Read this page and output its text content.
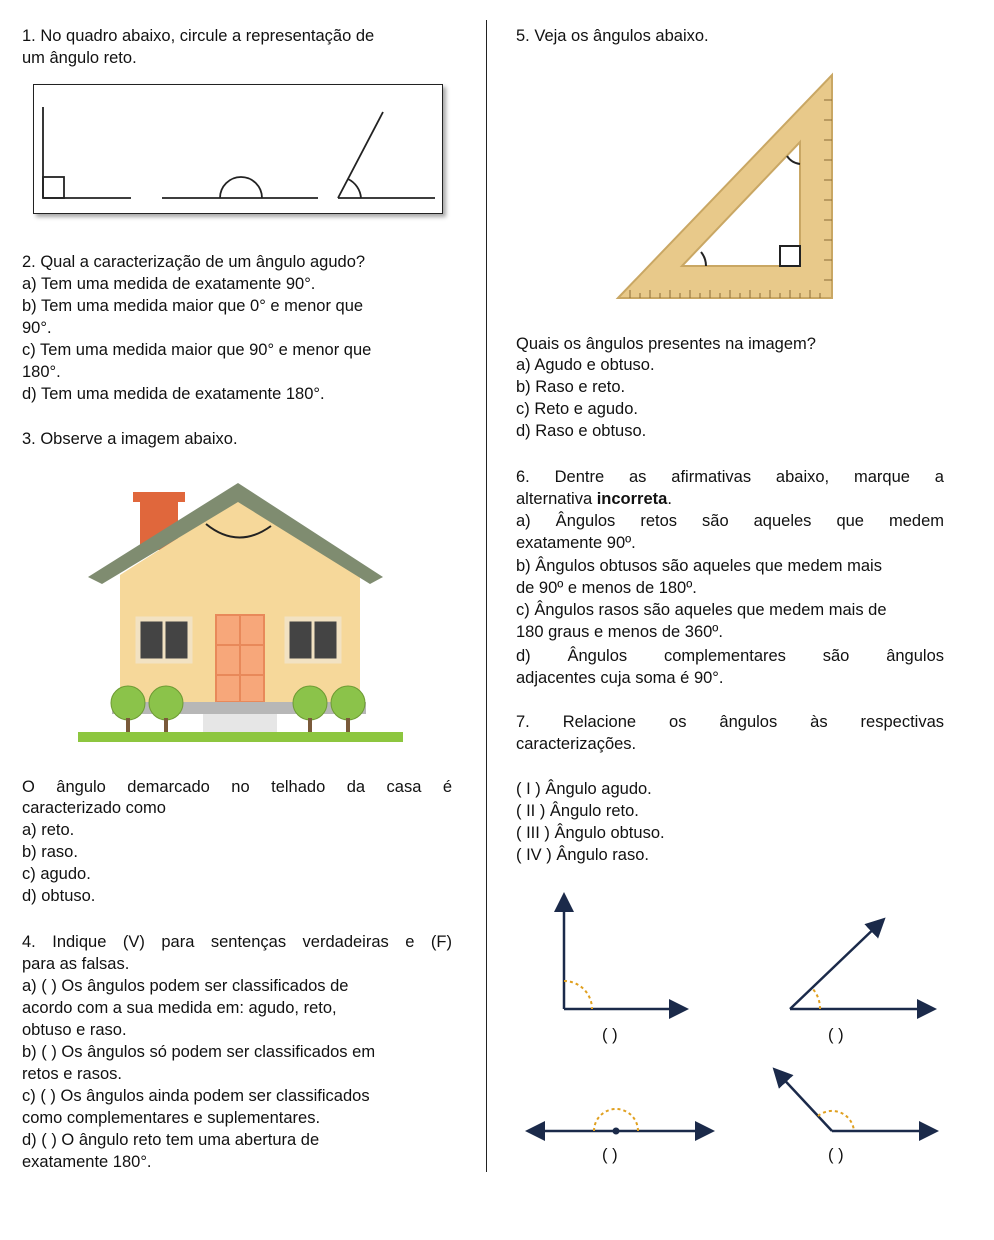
1. No quadro abaixo, circule a representação de
um ângulo reto.
2. Qual a caracterização de um ângulo agudo?
a) Tem uma medida de exatamente 90°.
b) Tem uma medida maior que 0° e menor que
90°.
c) Tem uma medida maior que 90° e menor que
180°.
d) Tem uma medida de exatamente 180°.
3. Observe a imagem abaixo.
O ângulo demarcado no telhado da casa é
caracterizado como
a) reto.
b) raso.
c) agudo.
d) obtuso.
4. Indique (V) para sentenças verdadeiras e (F)
para as falsas.
a) ( ) Os ângulos podem ser classificados de
acordo com a sua medida em: agudo, reto,
obtuso e raso.
b) ( ) Os ângulos só podem ser classificados em
retos e rasos.
c) ( ) Os ângulos ainda podem ser classificados
como complementares e suplementares.
d) ( ) O ângulo reto tem uma abertura de
exatamente 180°.
5. Veja os ângulos abaixo.
Quais os ângulos presentes na imagem?
a) Agudo e obtuso.
b) Raso e reto.
c) Reto e agudo.
d) Raso e obtuso.
6. Dentre as afirmativas abaixo, marque a
alternativa incorreta.
a) Ângulos retos são aqueles que medem
exatamente 90º.
b) Ângulos obtusos são aqueles que medem mais
de 90º e menos de 180º.
c) Ângulos rasos são aqueles que medem mais de
180 graus e menos de 360º.
d) Ângulos complementares são ângulos
adjacentes cuja soma é 90°.
7. Relacione os ângulos às respectivas
caracterizações.
( I ) Ângulo agudo.
( II ) Ângulo reto.
( III ) Ângulo obtuso.
( IV ) Ângulo raso.
( )	( )
( )	( )
